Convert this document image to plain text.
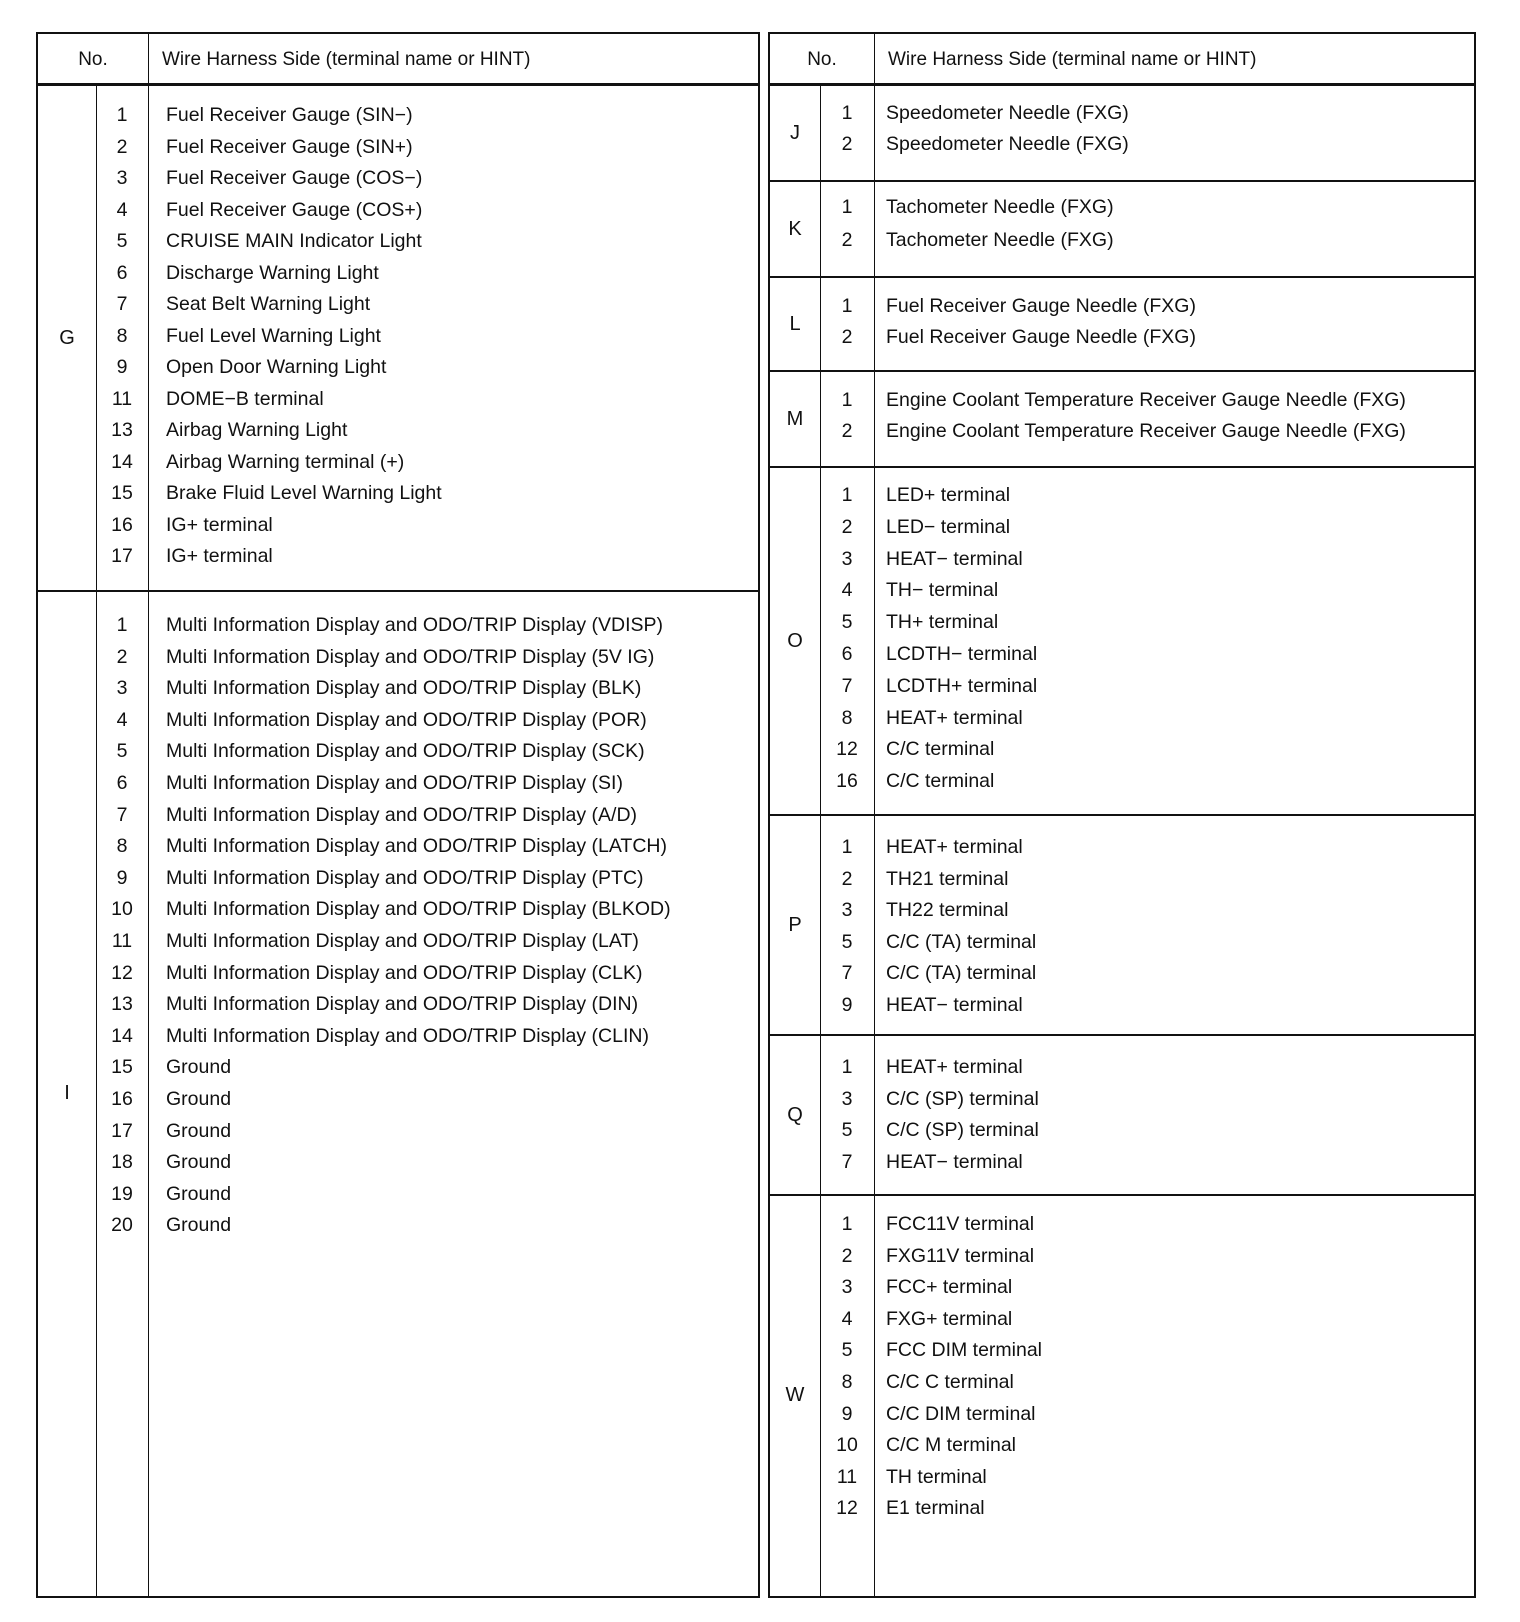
No.	Wire Harness Side (terminal name or HINT)
G
1	Fuel Receiver Gauge (SIN−)
2	Fuel Receiver Gauge (SIN+)
3	Fuel Receiver Gauge (COS−)
4	Fuel Receiver Gauge (COS+)
5	CRUISE MAIN Indicator Light
6	Discharge Warning Light
7	Seat Belt Warning Light
8	Fuel Level Warning Light
9	Open Door Warning Light
11	DOME−B terminal
13	Airbag Warning Light
14	Airbag Warning terminal (+)
15	Brake Fluid Level Warning Light
16	IG+ terminal
17	IG+ terminal
I
1	Multi Information Display and ODO/TRIP Display (VDISP)
2	Multi Information Display and ODO/TRIP Display (5V IG)
3	Multi Information Display and ODO/TRIP Display (BLK)
4	Multi Information Display and ODO/TRIP Display (POR)
5	Multi Information Display and ODO/TRIP Display (SCK)
6	Multi Information Display and ODO/TRIP Display (SI)
7	Multi Information Display and ODO/TRIP Display (A/D)
8	Multi Information Display and ODO/TRIP Display (LATCH)
9	Multi Information Display and ODO/TRIP Display (PTC)
10	Multi Information Display and ODO/TRIP Display (BLKOD)
11	Multi Information Display and ODO/TRIP Display (LAT)
12	Multi Information Display and ODO/TRIP Display (CLK)
13	Multi Information Display and ODO/TRIP Display (DIN)
14	Multi Information Display and ODO/TRIP Display (CLIN)
15	Ground
16	Ground
17	Ground
18	Ground
19	Ground
20	Ground
No.	Wire Harness Side (terminal name or HINT)
J
1	Speedometer Needle (FXG)
2	Speedometer Needle (FXG)
K
1	Tachometer Needle (FXG)
2	Tachometer Needle (FXG)
L
1	Fuel Receiver Gauge Needle (FXG)
2	Fuel Receiver Gauge Needle (FXG)
M
1	Engine Coolant Temperature Receiver Gauge Needle (FXG)
2	Engine Coolant Temperature Receiver Gauge Needle (FXG)
O
1	LED+ terminal
2	LED− terminal
3	HEAT− terminal
4	TH− terminal
5	TH+ terminal
6	LCDTH− terminal
7	LCDTH+ terminal
8	HEAT+ terminal
12	C/C terminal
16	C/C terminal
P
1	HEAT+ terminal
2	TH21 terminal
3	TH22 terminal
5	C/C (TA) terminal
7	C/C (TA) terminal
9	HEAT− terminal
Q
1	HEAT+ terminal
3	C/C (SP) terminal
5	C/C (SP) terminal
7	HEAT− terminal
W
1	FCC11V terminal
2	FXG11V terminal
3	FCC+ terminal
4	FXG+ terminal
5	FCC DIM terminal
8	C/C C terminal
9	C/C DIM terminal
10	C/C M terminal
11	TH terminal
12	E1 terminal
